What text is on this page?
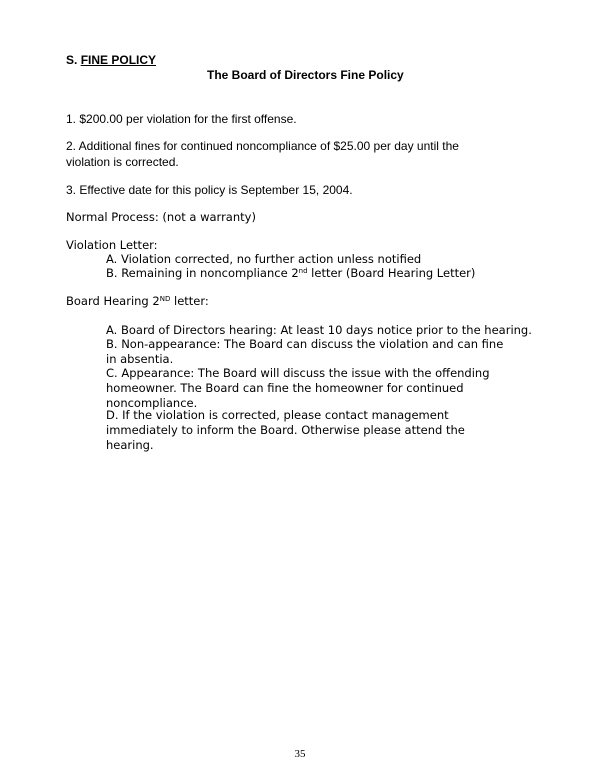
S. FINE POLICY
The Board of Directors Fine Policy
1. $200.00 per violation for the first offense.
2. Additional fines for continued noncompliance of $25.00 per day until the violation is corrected.
3. Effective date for this policy is September 15, 2004.
Normal Process: (not a warranty)
Violation Letter:
A. Violation corrected, no further action unless notified
B. Remaining in noncompliance 2nd letter (Board Hearing Letter)
Board Hearing 2ND letter:
A. Board of Directors hearing: At least 10 days notice prior to the hearing.
B. Non-appearance: The Board can discuss the violation and can fine in absentia.
C. Appearance: The Board will discuss the issue with the offending homeowner. The Board can fine the homeowner for continued noncompliance.
D. If the violation is corrected, please contact management immediately to inform the Board. Otherwise please attend the hearing.
35
